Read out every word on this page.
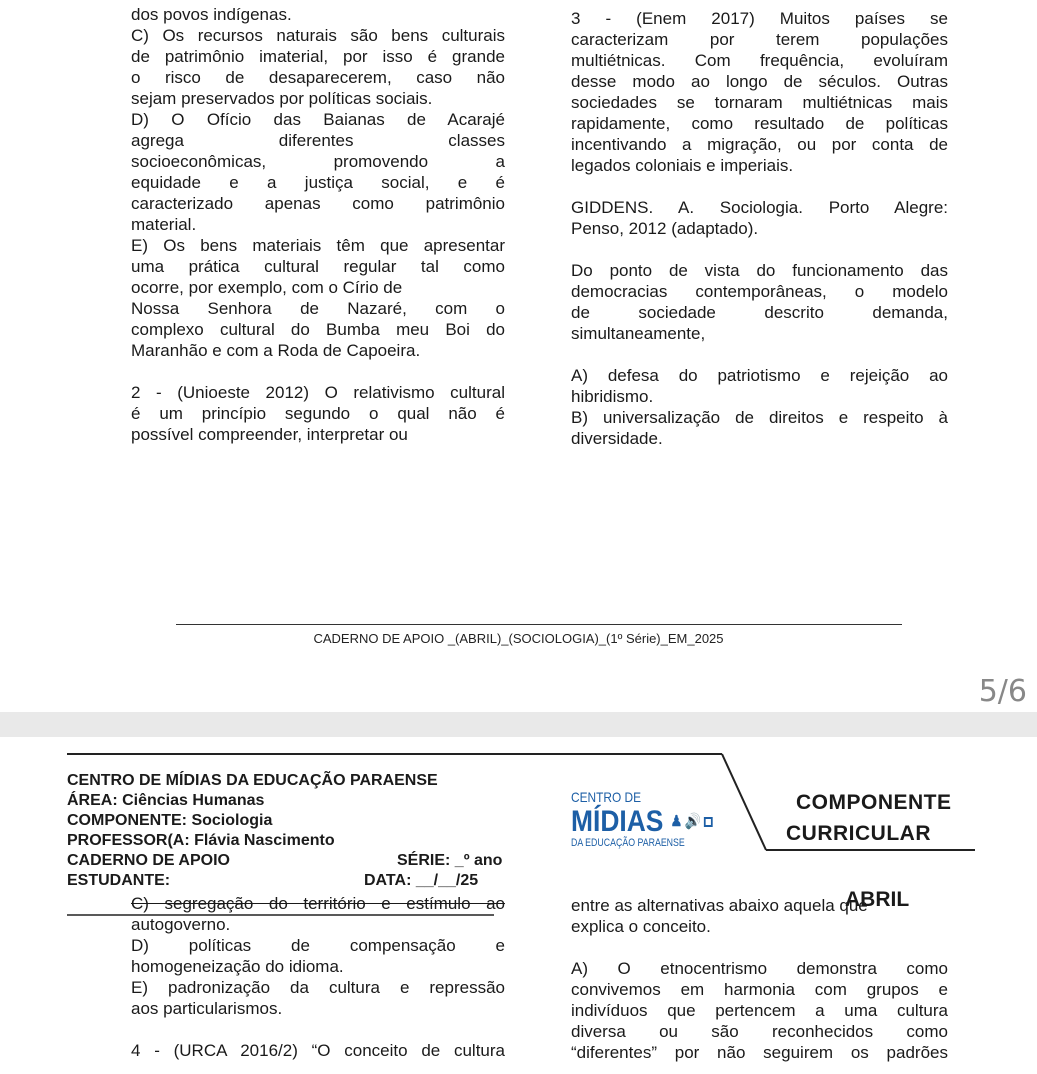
dos povos indígenas.

C) Os recursos naturais são bens culturais

de patrimônio imaterial, por isso é grande

o risco de desaparecerem, caso não

sejam preservados por políticas sociais.

D) O Ofício das Baianas de Acarajé

agrega diferentes classes

socioeconômicas, promovendo a

equidade e a justiça social, e é

caracterizado apenas como patrimônio

material.

E) Os bens materiais têm que apresentar

uma prática cultural regular tal como

ocorre, por exemplo, com o Círio de

Nossa Senhora de Nazaré, com o

complexo cultural do Bumba meu Boi do

Maranhão e com a Roda de Capoeira.

2 - (Unioeste 2012) O relativismo cultural

é um princípio segundo o qual não é

possível compreender, interpretar ou

3 - (Enem 2017) Muitos países se

caracterizam por terem populações

multiétnicas. Com frequência, evoluíram

desse modo ao longo de séculos. Outras

sociedades se tornaram multiétnicas mais

rapidamente, como resultado de políticas

incentivando a migração, ou por conta de

legados coloniais e imperiais.

GIDDENS. A. Sociologia. Porto Alegre:

Penso, 2012 (adaptado).

Do ponto de vista do funcionamento das

democracias contemporâneas, o modelo

de sociedade descrito demanda,

simultaneamente,

A) defesa do patriotismo e rejeição ao

hibridismo.

B) universalização de direitos e respeito à

diversidade.

CADERNO DE APOIO _(ABRIL)_(SOCIOLOGIA)_(1º Série)_EM_2025
5/6
CENTRO DE MÍDIAS DA EDUCAÇÃO PARAENSE
ÁREA: Ciências Humanas
COMPONENTE: Sociologia
PROFESSOR(A: Flávia Nascimento
CADERNO DE APOIO	SÉRIE: _º ano
ESTUDANTE:	DATA: __/__/25
CENTRO DE
MÍDIAS ♟ 🔊
DA EDUCAÇÃO PARAENSE
COMPONENTE
CURRICULAR

C) segregação do território e estímulo ao

autogoverno.

D) políticas de compensação e

homogeneização do idioma.

E) padronização da cultura e repressão

aos particularismos.

4 - (URCA 2016/2) “O conceito de cultura

entre as alternativas abaixo aquela que

explica o conceito.

A) O etnocentrismo demonstra como

convivemos em harmonia com grupos e

indivíduos que pertencem a uma cultura

diversa ou são reconhecidos como

“diferentes” por não seguirem os padrões

ABRIL
